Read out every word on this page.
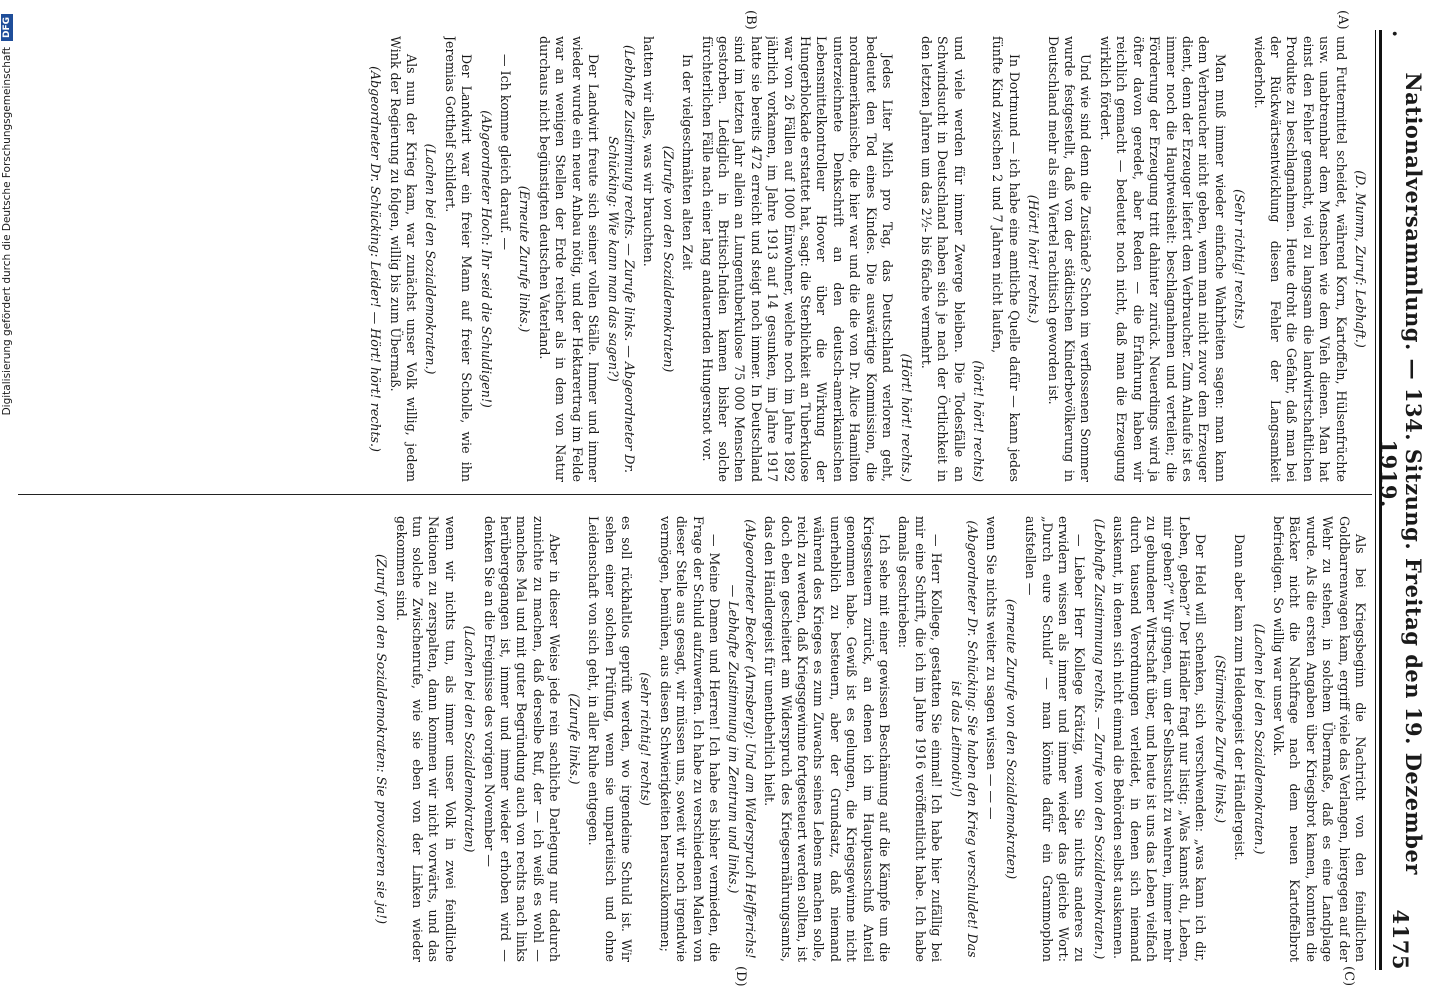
.
Nationalversammlung. — 134. Sitzung. Freitag den 19. Dezember 1919.
4175
(A)
(B)
(C)
(D)

(D. Mumm, Zuruf: Lebhaft.)

und Futtermittel scheidet, während Korn, Kartoffeln, Hülsenfrüchte usw. unabtrennbar dem Menschen wie dem Vieh dienen. Man hat einst den Fehler gemacht, viel zu langsam die landwirtschaftlichen Produkte zu beschlagnahmen. Heute droht die Gefahr, daß man bei der Rückwärtsentwicklung diesen Fehler der Langsamkeit wiederholt.

(Sehr richtig! rechts.)

Man muß immer wieder einfache Wahrheiten sagen: man kann dem Verbraucher nicht geben, wenn man nicht zuvor dem Erzeuger dient, denn der Erzeuger liefert dem Verbraucher. Zum Anlaufe ist es immer noch die Hauptweisheit: beschlagnahmen und verteilen; die Förderung der Erzeugung tritt dahinter zurück. Neuerdings wird ja öfter davon geredet, aber Reden — die Erfahrung haben wir reichlich gemacht — bedeutet noch nicht, daß man die Erzeugung wirklich fördert.

Und wie sind denn die Zustände? Schon im verflossenen Sommer wurde festgestellt, daß von der städtischen Kinderbevölkerung in Deutschland mehr als ein Viertel rachitisch geworden ist.

(Hört! hört! rechts.)

In Dortmund — ich habe eine amtliche Quelle dafür — kann jedes fünfte Kind zwischen 2 und 7 Jahren nicht laufen,

(hört! hört! rechts)

und viele werden für immer Zwerge bleiben. Die Todesfälle an Schwindsucht in Deutschland haben sich je nach der Örtlichkeit in den letzten Jahren um das 2½- bis 6fache vermehrt.

(Hört! hört! rechts.)

Jedes Liter Milch pro Tag, das Deutschland verloren geht, bedeutet den Tod eines Kindes. Die auswärtige Kommission, die nordamerikanische, die hier war und die die von Dr. Alice Hamilton unterzeichnete Denkschrift an den deutsch-amerikanischen Lebensmittelkontrolleur Hoover über die Wirkung der Hungerblockade erstattet hat, sagt: die Sterblichkeit an Tuberkulose war von 26 Fällen auf 1000 Einwohner, welche noch im Jahre 1892 jährlich vorkamen, im Jahre 1913 auf 14 gesunken, im Jahre 1917 hatte sie bereits 472 erreicht und steigt noch immer. In Deutschland sind im letzten Jahr allein an Lungentuberkulose 75 000 Menschen gestorben. Lediglich in Britisch-Indien kamen bisher solche fürchterlichen Fälle nach einer lang andauernden Hungersnot vor.

In der vielgeschmähten alten Zeit

(Zurufe von den Sozialdemokraten)

hatten wir alles, was wir brauchten.

(Lebhafte Zustimmung rechts. — Zurufe links. — Abgeordneter Dr. Schücking: Wie kann man das sagen?)

Der Landwirt freute sich seiner vollen Ställe. Immer und immer wieder wurde ein neuer Anbau nötig, und der Hektarertrag im Felde war an wenigen Stellen der Erde reicher als in dem von Natur durchaus nicht begünstigten deutschen Vaterland.

(Erneute Zurufe links.)

— Ich komme gleich darauf. —

(Abgeordneter Hoch: Ihr seid die Schuldigen!)

Der Landwirt war ein freier Mann auf freier Scholle, wie ihn Jeremias Gotthelf schildert.

(Lachen bei den Sozialdemokraten.)

Als nun der Krieg kam, war zunächst unser Volk willig, jedem Wink der Regierung zu folgen, willig bis zum Übermaß.

(Abgeordneter Dr. Schücking: Leider! — Hört! hört! rechts.)

Als bei Kriegsbeginn die Nachricht von den feindlichen Goldbarrenwagen kam, ergriff viele das Verlangen, hiergegen auf der Wehr zu stehen, in solchem Übermaße, daß es eine Landplage wurde. Als die ersten Angaben über Kriegsbrot kamen, konnten die Bäcker nicht die Nachfrage nach dem neuen Kartoffelbrot befriedigen. So willig war unser Volk.

(Lachen bei den Sozialdemokraten.)

Dann aber kam zum Heldengeist der Händlergeist.

(Stürmische Zurufe links.)

Der Held will schenken, sich verschwenden: „was kann ich dir, Leben, geben?“ Der Händler fragt nur listig: „Was kannst du, Leben, mir geben?“ Wir gingen, um der Selbstsucht zu wehren, immer mehr zu gebundener Wirtschaft über, und heute ist uns das Leben vielfach durch tausend Verordnungen verleidet, in denen sich niemand auskennt, in denen sich nicht einmal die Behörden selbst auskennen.

(Lebhafte Zustimmung rechts. — Zurufe von den Sozialdemokraten.)

— Lieber Herr Kollege Krätzig, wenn Sie nichts anderes zu erwidern wissen als immer und immer wieder das gleiche Wort: „Durch eure Schuld“ — man könnte dafür ein Grammophon aufstellen —

(erneute Zurufe von den Sozialdemokraten)

wenn Sie nichts weiter zu sagen wissen — — —

(Abgeordneter Dr. Schücking: Sie haben den Krieg verschuldet! Das ist das Leitmotiv!)

— Herr Kollege, gestatten Sie einmal! Ich habe hier zufällig bei mir eine Schrift, die ich im Jahre 1916 veröffentlicht habe. Ich habe damals geschrieben:

Ich sehe mit einer gewissen Beschämung auf die Kämpfe um die Kriegssteuern zurück, an denen ich im Hauptausschuß Anteil genommen habe. Gewiß ist es gelungen, die Kriegsgewinne nicht unerheblich zu besteuern, aber der Grundsatz, daß niemand während des Krieges es zum Zuwachs seines Lebens machen solle, reich zu werden, daß Kriegsgewinne fortgesteuert werden sollten, ist doch eben gescheitert am Widerspruch des Kriegsernährungsamts, das den Händlergeist für unentbehrlich hielt.

(Abgeordneter Becker (Arnsberg): Und am Widerspruch Helfferichs! — Lebhafte Zustimmung im Zentrum und links.)

— Meine Damen und Herren! Ich habe es bisher vermieden, die Frage der Schuld aufzuwerfen. Ich habe zu verschiedenen Malen von dieser Stelle aus gesagt, wir müssen uns, soweit wir noch irgendwie vermögen, bemühen, aus diesen Schwierigkeiten herauszukommen;

(sehr richtig! rechts)

es soll rückhaltlos geprüft werden, wo irgendeine Schuld ist. Wir sehen einer solchen Prüfung, wenn sie unparteiisch und ohne Leidenschaft von sich geht, in aller Ruhe entgegen.

(Zurufe links.)

Aber in dieser Weise jede rein sachliche Darlegung nur dadurch zunichte zu machen, daß derselbe Ruf, der — ich weiß es wohl — manches Mal und mit guter Begründung auch von rechts nach links herübergegangen ist, immer und immer wieder erhoben wird — denken Sie an die Ereignisse des vorigen November —

(Lachen bei den Sozialdemokraten)

wenn wir nichts tun, als immer unser Volk in zwei feindliche Nationen zu zerspalten, dann kommen wir nicht vorwärts, und das tun solche Zwischenrufe, wie sie eben von der Linken wieder gekommen sind.

(Zuruf von den Sozialdemokraten: Sie provozieren sie ja!)

Digitalisierung gefördert durch die Deutsche Forschungsgemeinschaft
DFG
